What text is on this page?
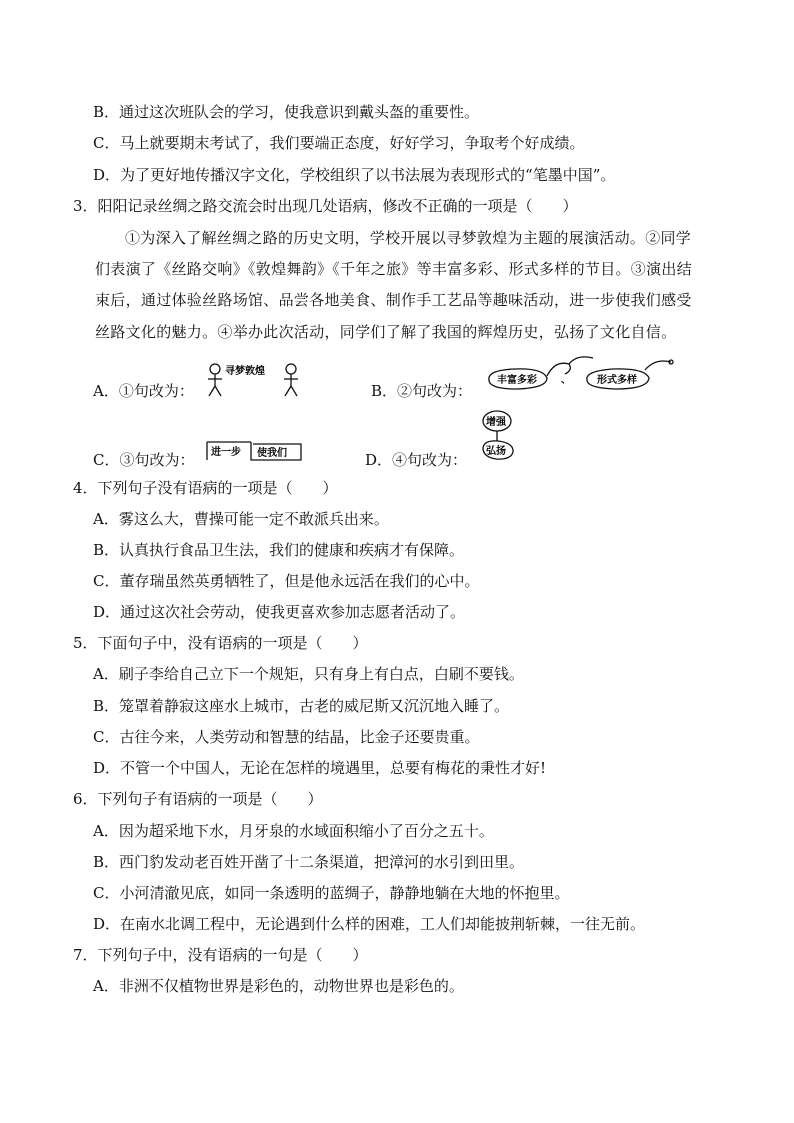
B．通过这次班队会的学习，使我意识到戴头盔的重要性。
C．马上就要期末考试了，我们要端正态度，好好学习，争取考个好成绩。
D．为了更好地传播汉字文化，学校组织了以书法展为表现形式的“笔墨中国”。
3．阳阳记录丝绸之路交流会时出现几处语病，修改不正确的一项是（　　）
①为深入了解丝绸之路的历史文明，学校开展以寻梦敦煌为主题的展演活动。②同学
们表演了《丝路交响》《敦煌舞韵》《千年之旅》等丰富多彩、形式多样的节目。③演出结
束后，通过体验丝路场馆、品尝各地美食、制作手工艺品等趣味活动，进一步使我们感受
丝路文化的魅力。④举办此次活动，同学们了解了我国的辉煌历史，弘扬了文化自信。
A．①句改为：
寻梦敦煌
B．②句改为：
丰富多彩 、	形式多样
C．③句改为： 进一步 使我们	D．④句改为：
增强
弘扬
4．下列句子没有语病的一项是（　　）
A．雾这么大，曹操可能一定不敢派兵出来。
B．认真执行食品卫生法，我们的健康和疾病才有保障。
C．董存瑞虽然英勇牺牲了，但是他永远活在我们的心中。
D．通过这次社会劳动，使我更喜欢参加志愿者活动了。
5．下面句子中，没有语病的一项是（　　）
A．刷子李给自己立下一个规矩，只有身上有白点，白刷不要钱。
B．笼罩着静寂这座水上城市，古老的威尼斯又沉沉地入睡了。
C．古往今来，人类劳动和智慧的结晶，比金子还要贵重。
D．不管一个中国人，无论在怎样的境遇里，总要有梅花的秉性才好!
6．下列句子有语病的一项是（　　）
A．因为超采地下水，月牙泉的水域面积缩小了百分之五十。
B．西门豹发动老百姓开凿了十二条渠道，把漳河的水引到田里。
C．小河清澈见底，如同一条透明的蓝绸子，静静地躺在大地的怀抱里。
D．在南水北调工程中，无论遇到什么样的困难，工人们却能披荆斩棘，一往无前。
7．下列句子中，没有语病的一句是（　　）
A．非洲不仅植物世界是彩色的，动物世界也是彩色的。
